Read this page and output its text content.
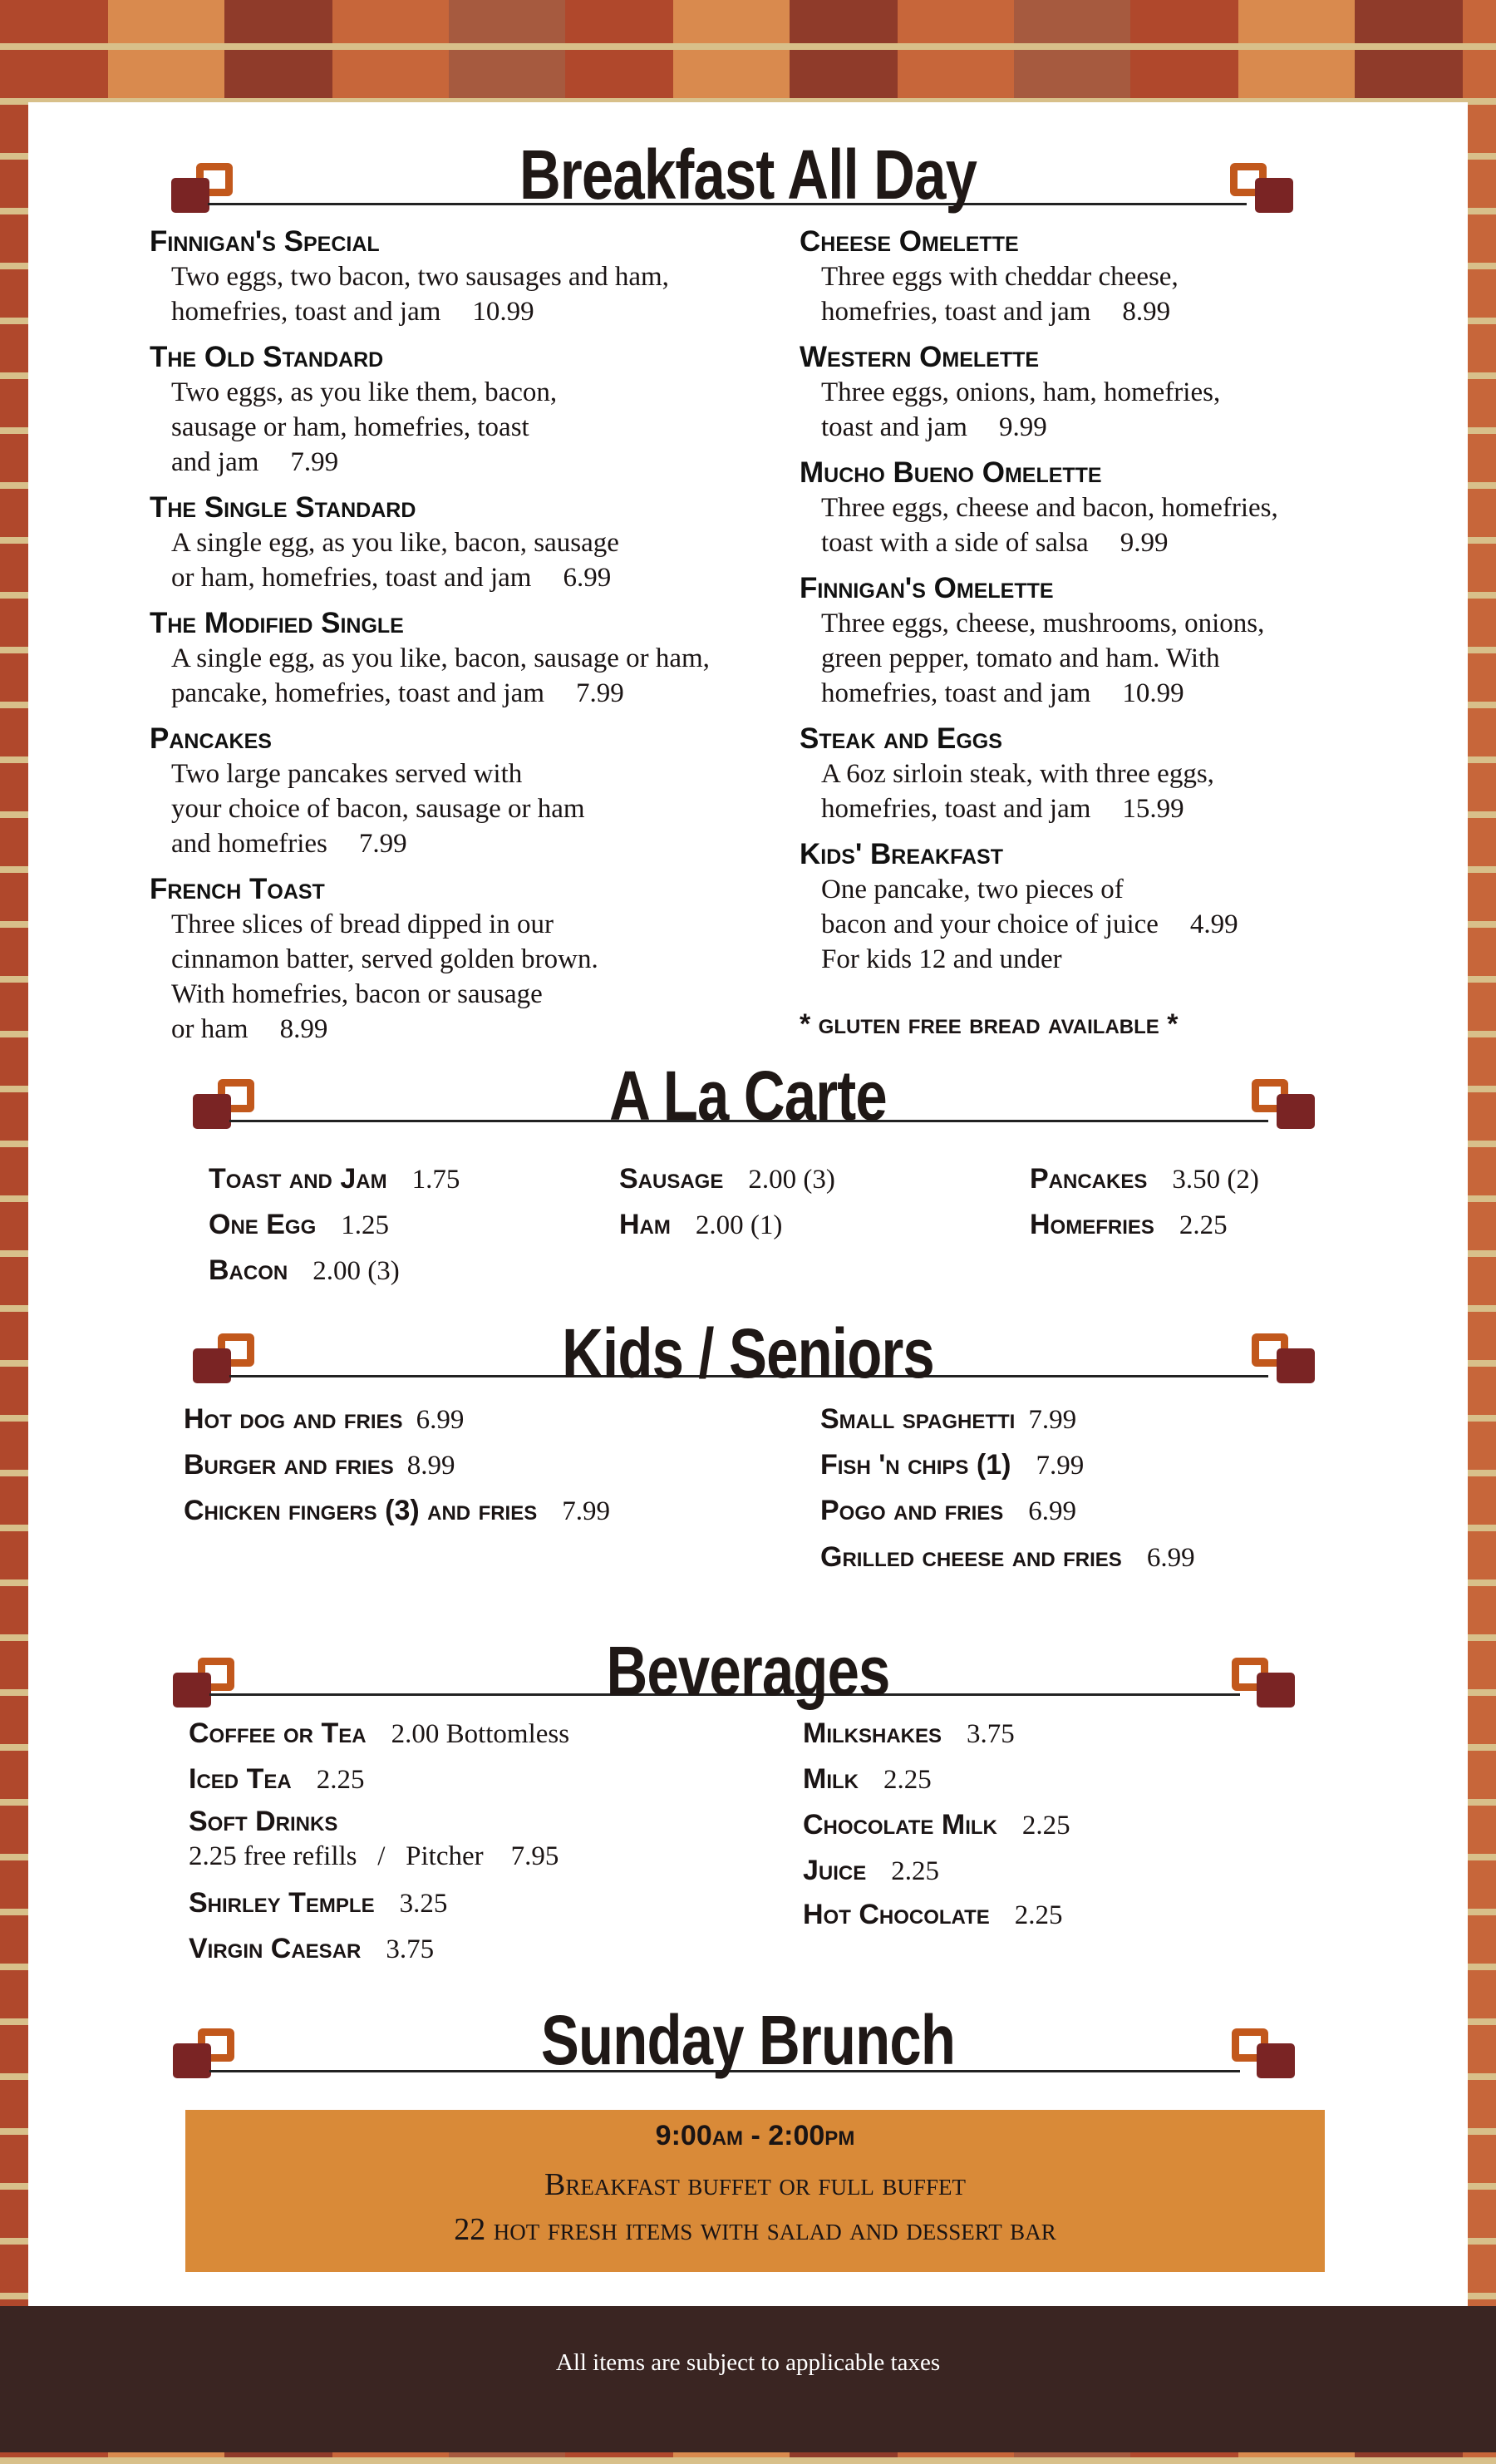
Breakfast All Day
A La Carte
Kids / Seniors
Beverages
Sunday Brunch
Finnigan's Special
Two eggs, two bacon, two sausages and ham,
homefries, toast and jam 10.99
The Old Standard
Two eggs, as you like them, bacon,
sausage or ham, homefries, toast
and jam 7.99
The Single Standard
A single egg, as you like, bacon, sausage
or ham, homefries, toast and jam 6.99
The Modified Single
A single egg, as you like, bacon, sausage or ham,
pancake, homefries, toast and jam 7.99
Pancakes
Two large pancakes served with
your choice of bacon, sausage or ham
and homefries 7.99
French Toast
Three slices of bread dipped in our
cinnamon batter, served golden brown.
With homefries, bacon or sausage
or ham 8.99
Cheese Omelette
Three eggs with cheddar cheese,
homefries, toast and jam 8.99
Western Omelette
Three eggs, onions, ham, homefries,
toast and jam 9.99
Mucho Bueno Omelette
Three eggs, cheese and bacon, homefries,
toast with a side of salsa 9.99
Finnigan's Omelette
Three eggs, cheese, mushrooms, onions,
green pepper, tomato and ham. With
homefries, toast and jam 10.99
Steak and Eggs
A 6oz sirloin steak, with three eggs,
homefries, toast and jam 15.99
Kids' Breakfast
One pancake, two pieces of
bacon and your choice of juice 4.99
For kids 12 and under
* gluten free bread available *
Toast and Jam 1.75
One Egg 1.25
Bacon 2.00 (3)
Sausage 2.00 (3)
Ham 2.00 (1)
Pancakes 3.50 (2)
Homefries 2.25
Hot dog and fries 6.99
Burger and fries 8.99
Chicken fingers (3) and fries 7.99
Small spaghetti 7.99
Fish 'n chips (1) 7.99
Pogo and fries 6.99
Grilled cheese and fries 6.99
Coffee or Tea 2.00 Bottomless
Iced Tea 2.25
Soft Drinks
2.25 free refills   /   Pitcher    7.95
Shirley Temple 3.25
Virgin Caesar 3.75
Milkshakes 3.75
Milk 2.25
Chocolate Milk 2.25
Juice 2.25
Hot Chocolate 2.25
9:00am - 2:00pm
Breakfast buffet or full buffet
22 hot fresh items with salad and dessert bar
All items are subject to applicable taxes
